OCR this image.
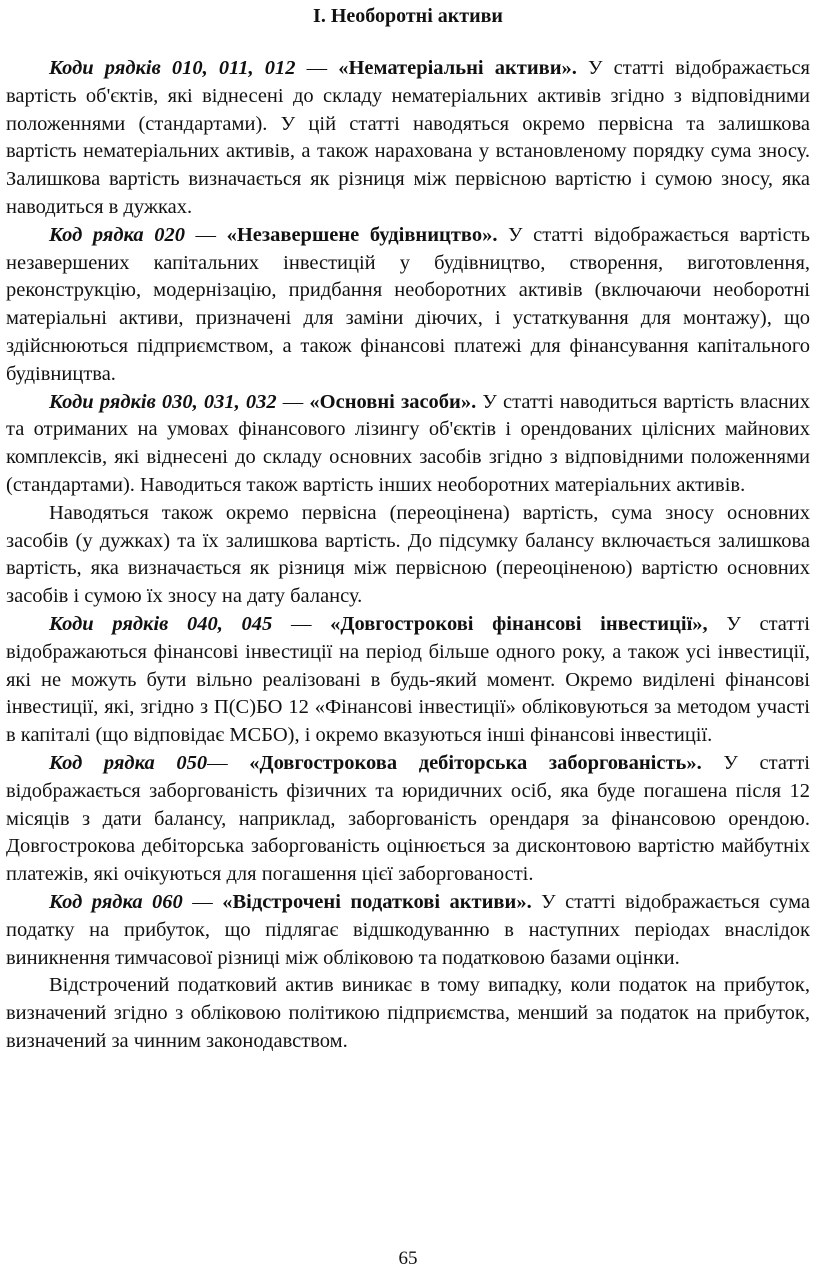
I. Необоротні активи

Коди рядків 010, 011, 012 — «Нематеріальні активи». У статті відображається вартість об'єктів, які віднесені до складу нематеріальних активів згідно з відповідними положеннями (стандартами). У цій статті наводяться окремо первісна та залишкова вартість нематеріальних активів, а також нарахована у встановленому порядку сума зносу. Залишкова вартість визначається як різниця між первісною вартістю і сумою зносу, яка наводиться в дужках.

Код рядка 020 — «Незавершене будівництво». У статті відображається вартість незавершених капітальних інвестицій у будівництво, створення, виготовлення, реконструкцію, модернізацію, придбання необоротних активів (включаючи необоротні матеріальні активи, призначені для заміни діючих, і устаткування для монтажу), що здійснюються підприємством, а також фінансові платежі для фінансування капітального будівництва.

Коди рядків 030, 031, 032 — «Основні засоби». У статті наводиться вартість власних та отриманих на умовах фінансового лізингу об'єктів і орендованих цілісних майнових комплексів, які віднесені до складу основних засобів згідно з відповідними положеннями (стандартами). Наводиться також вартість інших необоротних матеріальних активів.

Наводяться також окремо первісна (переоцінена) вартість, сума зносу основних засобів (у дужках) та їх залишкова вартість. До підсумку балансу включається залишкова вартість, яка визначається як різниця між первісною (переоціненою) вартістю основних засобів і сумою їх зносу на дату балансу.

Коди рядків 040, 045 — «Довгострокові фінансові інвестиції», У статті відображаються фінансові інвестиції на період більше одного року, а також усі інвестиції, які не можуть бути вільно реалізовані в будь-який момент. Окремо виділені фінансові інвестиції, які, згідно з П(С)БО 12 «Фінансові інвестиції» обліковуються за методом участі в капіталі (що відповідає МСБО), і окремо вказуються інші фінансові інвестиції.

Код рядка 050— «Довгострокова дебіторська заборгованість». У статті відображається заборгованість фізичних та юридичних осіб, яка буде погашена після 12 місяців з дати балансу, наприклад, заборгованість орендаря за фінансовою орендою. Довгострокова дебіторська заборгованість оцінюється за дисконтовою вартістю майбутніх платежів, які очікуються для погашення цієї заборгованості.

Код рядка 060 — «Відстрочені податкові активи». У статті відображається сума податку на прибуток, що підлягає відшкодуванню в наступних періодах внаслідок виникнення тимчасової різниці між обліковою та податковою базами оцінки.

Відстрочений податковий актив виникає в тому випадку, коли податок на прибуток, визначений згідно з обліковою політикою підприємства, менший за податок на прибуток, визначений за чинним законодавством.

65
